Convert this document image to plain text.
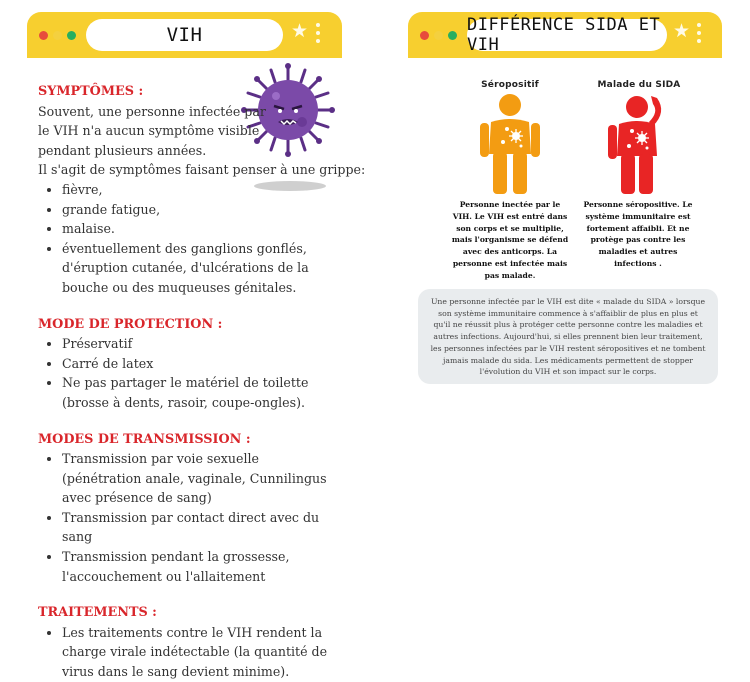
VIH	★	DIFFÉRENCE SIDA ET VIH
★
SYMPTÔMES :

Souvent, une personne infectée par

le VIH n'a aucun symptôme visible

pendant plusieurs années.

Il s'agit de symptômes faisant penser à une grippe:

• fièvre,
• grande fatigue,
• malaise.
• éventuellement des ganglions gonflés, d'éruption cutanée, d'ulcérations de la bouche ou des muqueuses génitales.
MODE DE PROTECTION :
• Préservatif
• Carré de latex
• Ne pas partager le matériel de toilette (brosse à dents, rasoir, coupe-ongles).
MODES DE TRANSMISSION :
• Transmission par voie sexuelle (pénétration anale, vaginale, Cunnilingus avec présence de sang)
• Transmission par contact direct avec du sang
• Transmission pendant la grossesse, l'accouchement ou l'allaitement
TRAITEMENTS :
• Les traitements contre le VIH rendent la charge virale indétectable (la quantité de virus dans le sang devient minime).
Séropositif	Malade du SIDA
Personne inectée par le VIH. Le VIH est entré dans son corps et se multiplie, mais l'organisme se défend avec des anticorps. La personne est infectée mais pas malade.
Personne séropositive. Le système immunitaire est fortement affaibli. Et ne protège pas contre les maladies et autres infections .

Une personne infectée par le VIH est dite « malade du SIDA » lorsque son système immunitaire commence à s'affaiblir de plus en plus et qu'il ne réussit plus à protéger cette personne contre les maladies et autres infections. Aujourd'hui, si elles prennent bien leur traitement, les personnes infectées par le VIH restent séropositives et ne tombent jamais malade du sida. Les médicaments permettent de stopper l'évolution du VIH et son impact sur le corps.
